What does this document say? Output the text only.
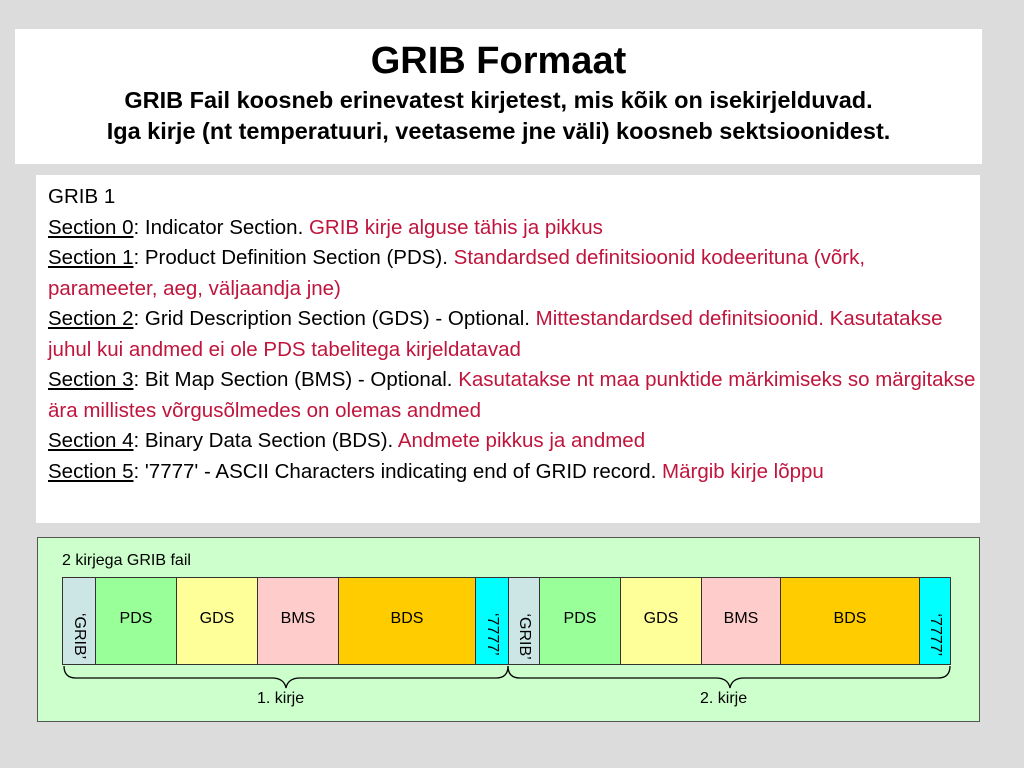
GRIB Formaat
GRIB Fail koosneb erinevatest kirjetest, mis kõik on isekirjelduvad.
Iga kirje (nt temperatuuri, veetaseme jne väli) koosneb sektsioonidest.
GRIB 1
Section 0: Indicator Section. GRIB kirje alguse tähis ja pikkus
Section 1: Product Definition Section (PDS). Standardsed definitsioonid kodeerituna (võrk, parameeter, aeg, väljaandja jne)
Section 2: Grid Description Section (GDS) - Optional. Mittestandardsed definitsioonid. Kasutatakse juhul kui andmed ei ole PDS tabelitega kirjeldatavad
Section 3: Bit Map Section (BMS) - Optional. Kasutatakse nt maa punktide märkimiseks so märgitakse ära millistes võrgusõlmedes on olemas andmed
Section 4: Binary Data Section (BDS). Andmete pikkus ja andmed
Section 5: '7777' - ASCII Characters indicating end of GRID record. Märgib kirje lõppu
2 kirjega GRIB fail
‘GRIB’	PDS	GDS	BMS	BDS	‘7777’ ‘GRIB’	PDS	GDS	BMS	BDS	‘7777’
1. kirje	2. kirje
